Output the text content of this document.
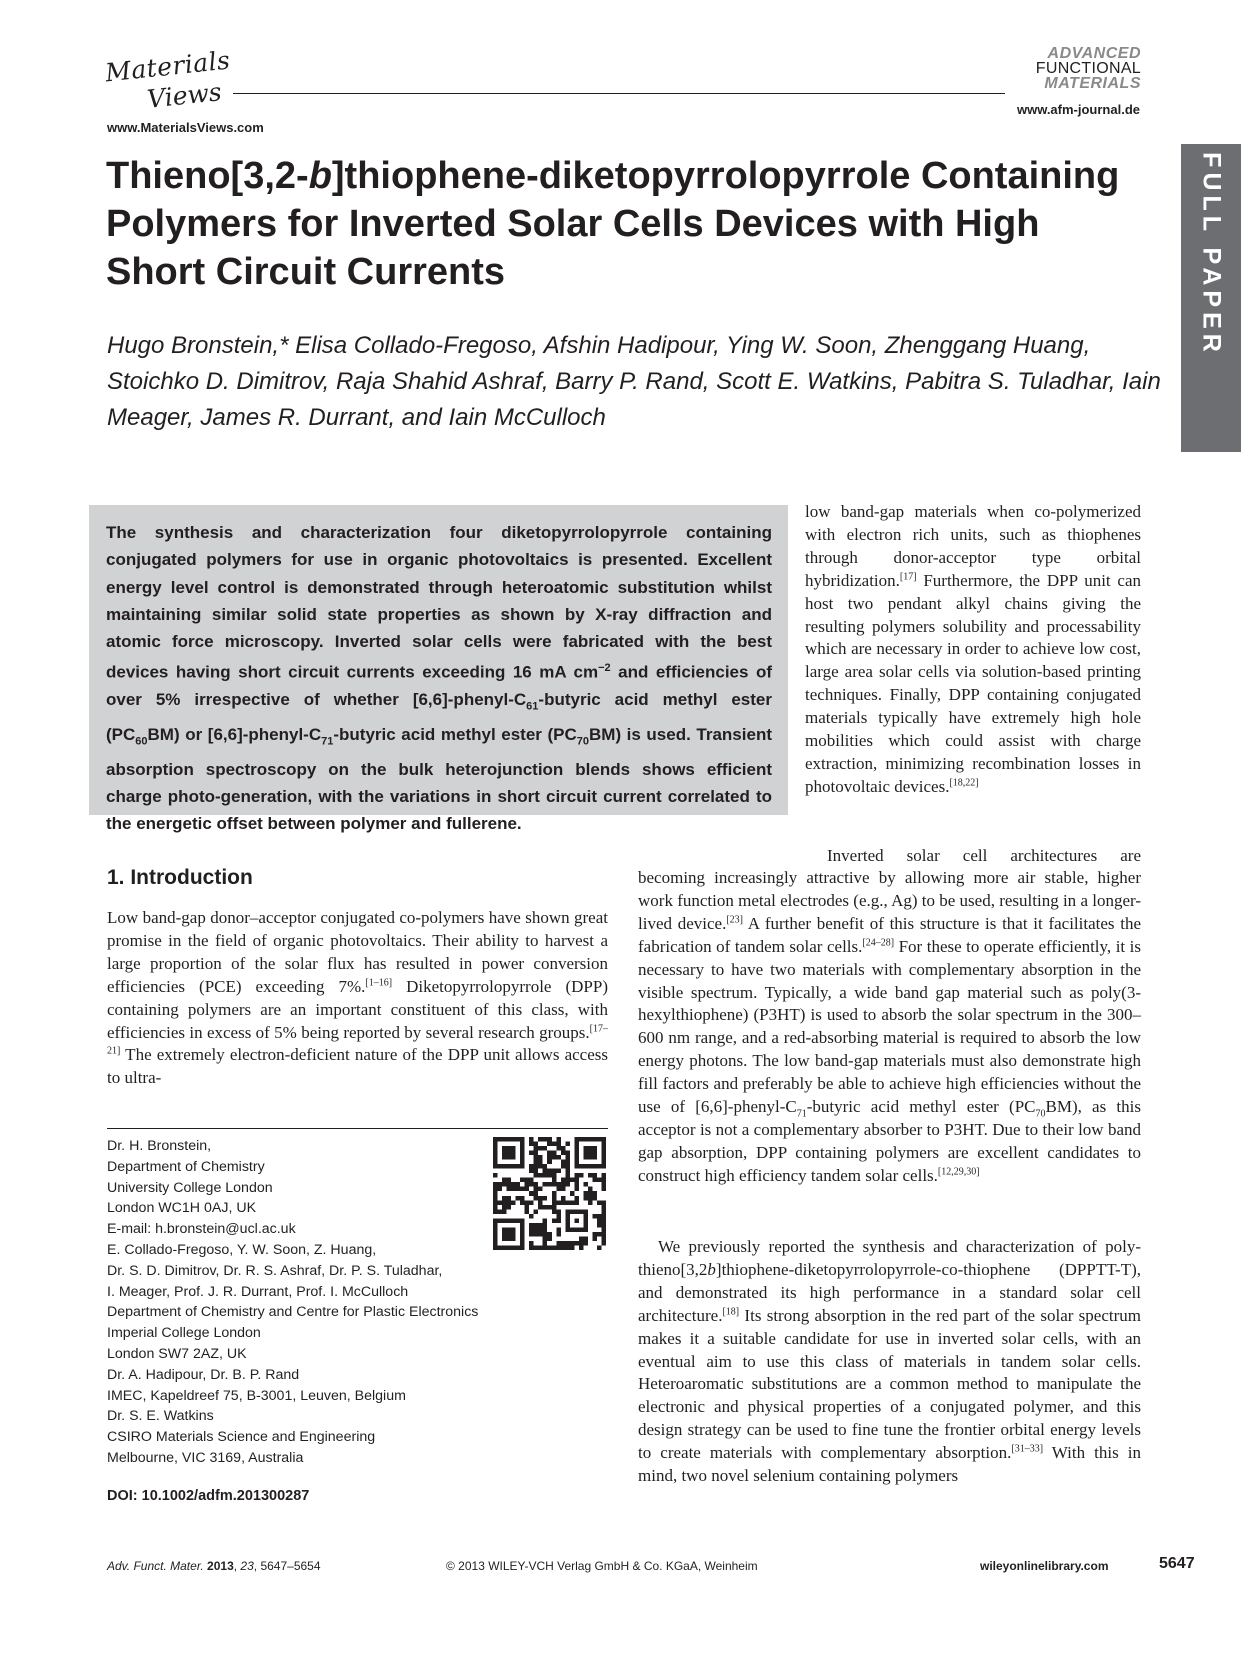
Materials
Views
www.MaterialsViews.com
ADVANCED
FUNCTIONAL
MATERIALS
www.afm-journal.de
FULL PAPER
Thieno[3,2-b]thiophene-diketopyrrolopyrrole Containing Polymers for Inverted Solar Cells Devices with High Short Circuit Currents

Hugo Bronstein,* Elisa Collado-Fregoso, Afshin Hadipour, Ying W. Soon, Zhenggang Huang, Stoichko D. Dimitrov, Raja Shahid Ashraf, Barry P. Rand, Scott E. Watkins, Pabitra S. Tuladhar, Iain Meager, James R. Durrant, and Iain McCulloch

The synthesis and characterization four diketopyrrolopyrrole containing conjugated polymers for use in organic photovoltaics is presented. Excellent energy level control is demonstrated through heteroatomic substitution whilst maintaining similar solid state properties as shown by X-ray diffraction and atomic force microscopy. Inverted solar cells were fabricated with the best devices having short circuit currents exceeding 16 mA $cm^{-2}$ and efficiencies of over 5% irrespective of whether $[6,6]-phenyl-C_{61}$-butyric acid methyl ester $(PC_{60}BM)$ or $[6,6]-phenyl-C_{71}$-butyric acid methyl ester $(PC_{70}BM)$ is used. Transient absorption spectroscopy on the bulk heterojunction blends shows efficient charge photo-generation, with the variations in short circuit current correlated to the energetic offset between polymer and fullerene.
low band-gap materials when co-polymerized with electron rich units, such as thiophenes through donor-acceptor type orbital hybridization.[17] Furthermore, the DPP unit can host two pendant alkyl chains giving the resulting polymers solubility and processability which are necessary in order to achieve low cost, large area solar cells via solution-based printing techniques. Finally, DPP containing conjugated materials typically have extremely high hole mobilities which could assist with charge extraction, minimizing recombination losses in photovoltaic devices.[18,22]
1. Introduction
Low band-gap donor–acceptor conjugated co-polymers have shown great promise in the field of organic photovoltaics. Their ability to harvest a large proportion of the solar flux has resulted in power conversion efficiencies (PCE) exceeding 7%.[1–16] Diketopyrrolopyrrole (DPP) containing polymers are an important constituent of this class, with efficiencies in excess of 5% being reported by several research groups.[17–21] The extremely electron-deficient nature of the DPP unit allows access to ultra-
Inverted solar cell architectures are
becoming increasingly attractive by allowing more air stable, higher work function metal electrodes (e.g., Ag) to be used, resulting in a longer-lived device.[23] A further benefit of this structure is that it facilitates the fabrication of tandem solar cells.[24–28] For these to operate efficiently, it is necessary to have two materials with complementary absorption in the visible spectrum. Typically, a wide band gap material such as poly(3-hexylthiophene) (P3HT) is used to absorb the solar spectrum in the 300–600 nm range, and a red-absorbing material is required to absorb the low energy photons. The low band-gap materials must also demonstrate high fill factors and preferably be able to achieve high efficiencies without the use of $[6,6]-phenyl-C_{71}$-butyric acid methyl ester $(PC_{70}BM)$, as this acceptor is not a complementary absorber to P3HT. Due to their low band gap absorption, DPP containing polymers are excellent candidates to construct high efficiency tandem solar cells.[12,29,30]
We previously reported the synthesis and characterization of poly-thieno[3,2b]thiophene-diketopyrrolopyrrole-co-thiophene (DPPTT-T), and demonstrated its high performance in a standard solar cell architecture.[18] Its strong absorption in the red part of the solar spectrum makes it a suitable candidate for use in inverted solar cells, with an eventual aim to use this class of materials in tandem solar cells. Heteroaromatic substitutions are a common method to manipulate the electronic and physical properties of a conjugated polymer, and this design strategy can be used to fine tune the frontier orbital energy levels to create materials with complementary absorption.[31–33] With this in mind, two novel selenium containing polymers
Dr. H. Bronstein,
Department of Chemistry
University College London
London WC1H 0AJ, UK
E-mail: h.bronstein@ucl.ac.uk
E. Collado-Fregoso, Y. W. Soon, Z. Huang,
Dr. S. D. Dimitrov, Dr. R. S. Ashraf, Dr. P. S. Tuladhar,
I. Meager, Prof. J. R. Durrant, Prof. I. McCulloch
Department of Chemistry and Centre for Plastic Electronics
Imperial College London
London SW7 2AZ, UK
Dr. A. Hadipour, Dr. B. P. Rand
IMEC, Kapeldreef 75, B-3001, Leuven, Belgium
Dr. S. E. Watkins
CSIRO Materials Science and Engineering
Melbourne, VIC 3169, Australia
DOI: 10.1002/adfm.201300287
Adv. Funct. Mater. 2013, 23, 5647–5654	© 2013 WILEY-VCH Verlag GmbH & Co. KGaA, Weinheim	wileyonlinelibrary.com	5647
